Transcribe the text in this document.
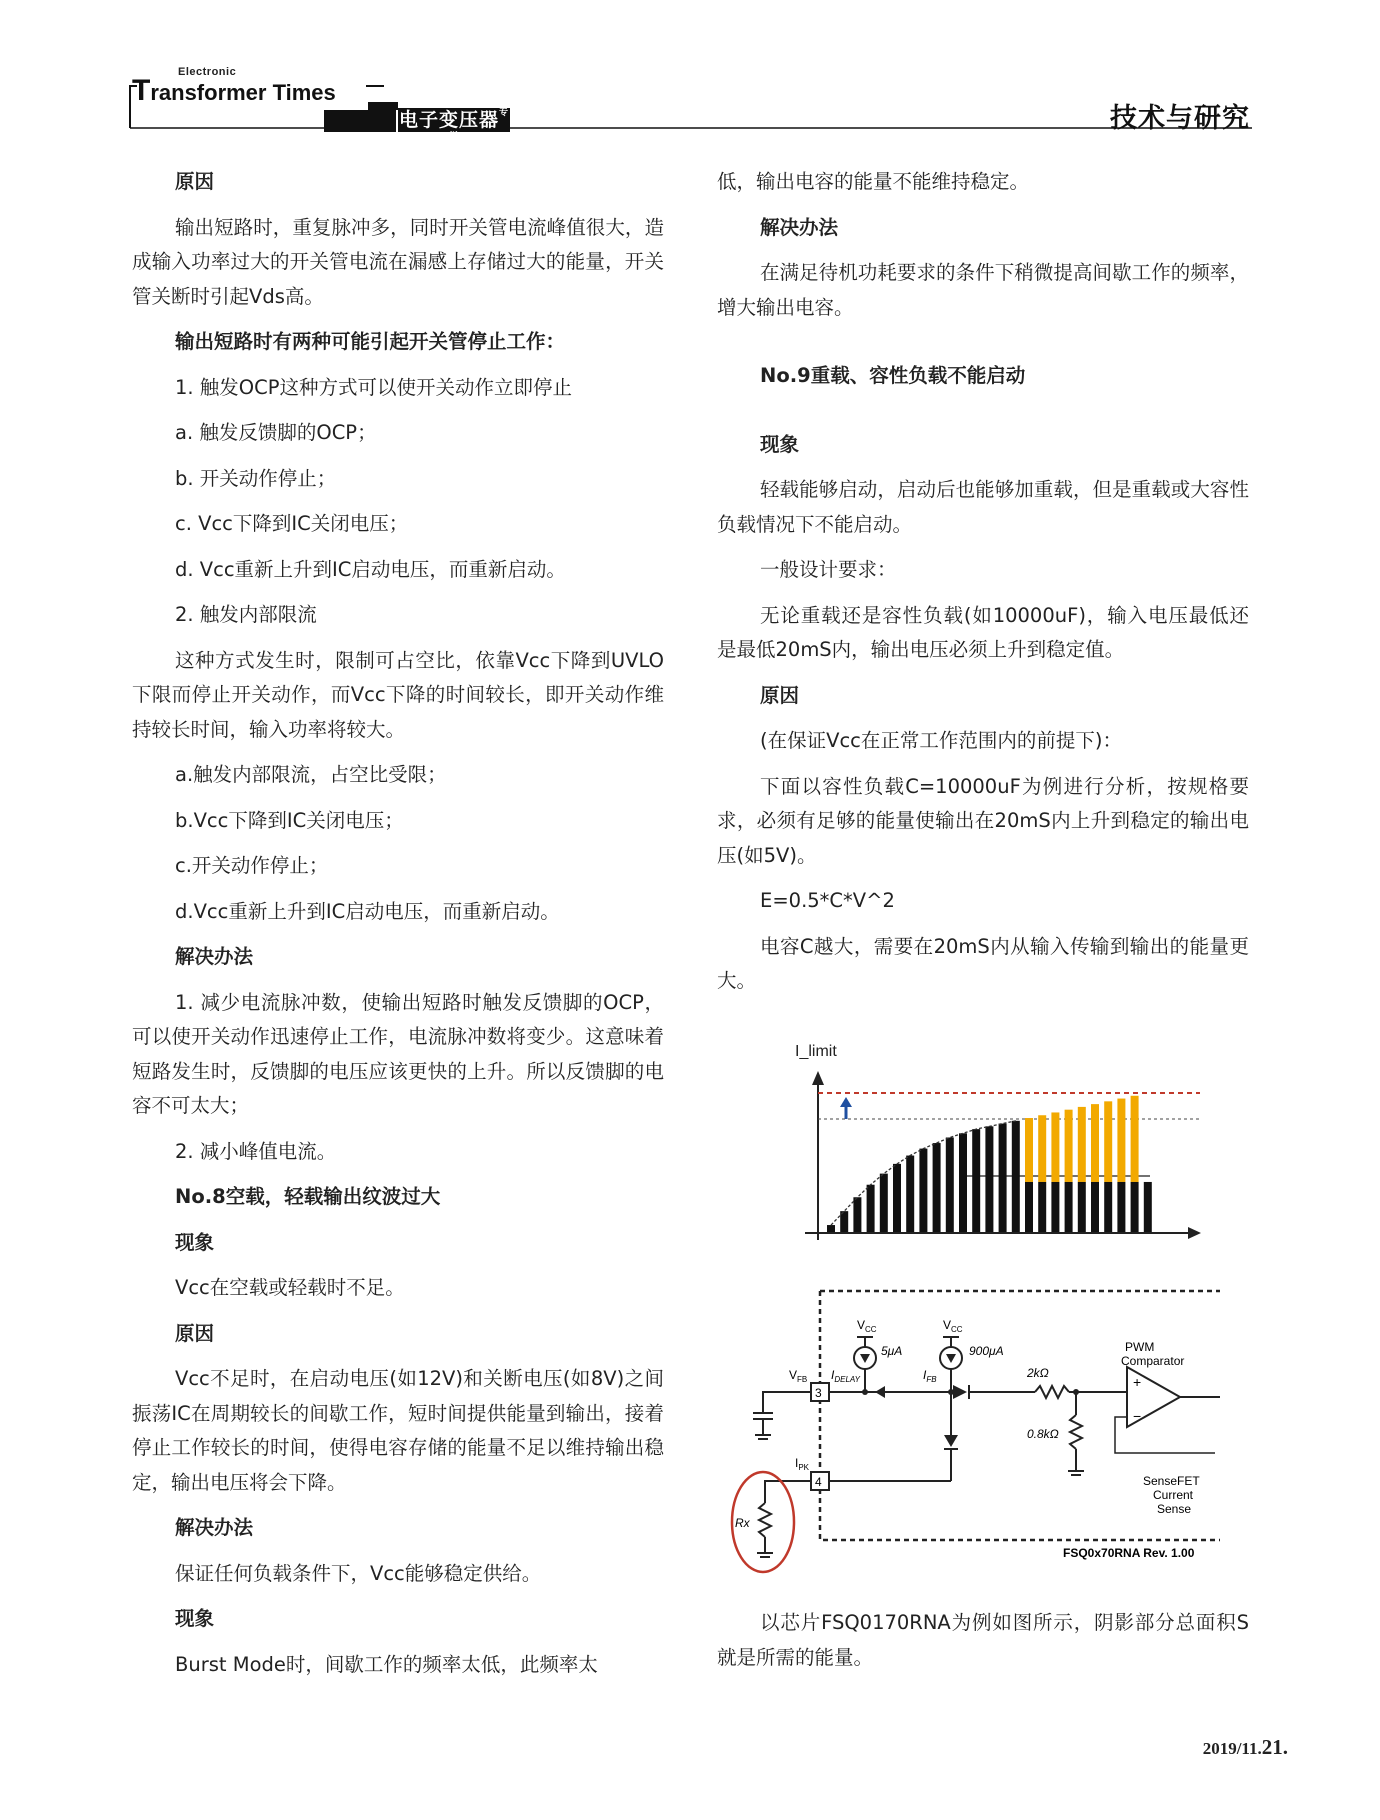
Electronic
Transformer Times
电子变压器$^{专栏}$
技术与研究

原因

输出短路时，重复脉冲多，同时开关管电流峰值很大，造成输入功率过大的开关管电流在漏感上存储过大的能量，开关管关断时引起Vds高。

输出短路时有两种可能引起开关管停止工作：

1. 触发OCP这种方式可以使开关动作立即停止

a. 触发反馈脚的OCP；

b. 开关动作停止；

c. Vcc下降到IC关闭电压；

d. Vcc重新上升到IC启动电压，而重新启动。

2. 触发内部限流

这种方式发生时，限制可占空比，依靠Vcc下降到UVLO下限而停止开关动作，而Vcc下降的时间较长，即开关动作维持较长时间，输入功率将较大。

a.触发内部限流，占空比受限；

b.Vcc下降到IC关闭电压；

c.开关动作停止；

d.Vcc重新上升到IC启动电压，而重新启动。

解决办法

1. 减少电流脉冲数，使输出短路时触发反馈脚的OCP，可以使开关动作迅速停止工作，电流脉冲数将变少。这意味着短路发生时，反馈脚的电压应该更快的上升。所以反馈脚的电容不可太大；

2. 减小峰值电流。

No.8空载，轻载输出纹波过大

现象

Vcc在空载或轻载时不足。

原因

Vcc不足时，在启动电压(如12V)和关断电压(如8V)之间振荡IC在周期较长的间歇工作，短时间提供能量到输出，接着停止工作较长的时间，使得电容存储的能量不足以维持输出稳定，输出电压将会下降。

解决办法

保证任何负载条件下，Vcc能够稳定供给。

现象

Burst Mode时，间歇工作的频率太低，此频率太

低，输出电容的能量不能维持稳定。

解决办法

在满足待机功耗要求的条件下稍微提高间歇工作的频率，增大输出电容。

No.9重载、容性负载不能启动

现象

轻载能够启动，启动后也能够加重载，但是重载或大容性负载情况下不能启动。

一般设计要求：

无论重载还是容性负载(如10000uF)，输入电压最低还是最低20mS内，输出电压必须上升到稳定值。

原因

(在保证Vcc在正常工作范围内的前提下)：

下面以容性负载C=10000uF为例进行分析，按规格要求，必须有足够的能量使输出在20mS内上升到稳定的输出电压(如5V)。

E=0.5*C*V^2

电容C越大，需要在20mS内从输入传输到输出的能量更大。

I_limit
3
4
2kΩ
0.8kΩ
+
−
PWM
Comparator
SenseFET
Current
Sense
$V_{CC}$
5μA
$I_{DELAY}$
$V_{CC}$
900μA
$I_{FB}$
$V_{FB}$
$I_{PK}$
Rx
FSQ0x70RNA Rev. 1.00

以芯片FSQ0170RNA为例如图所示，阴影部分总面积S就是所需的能量。

2019/11.21.
